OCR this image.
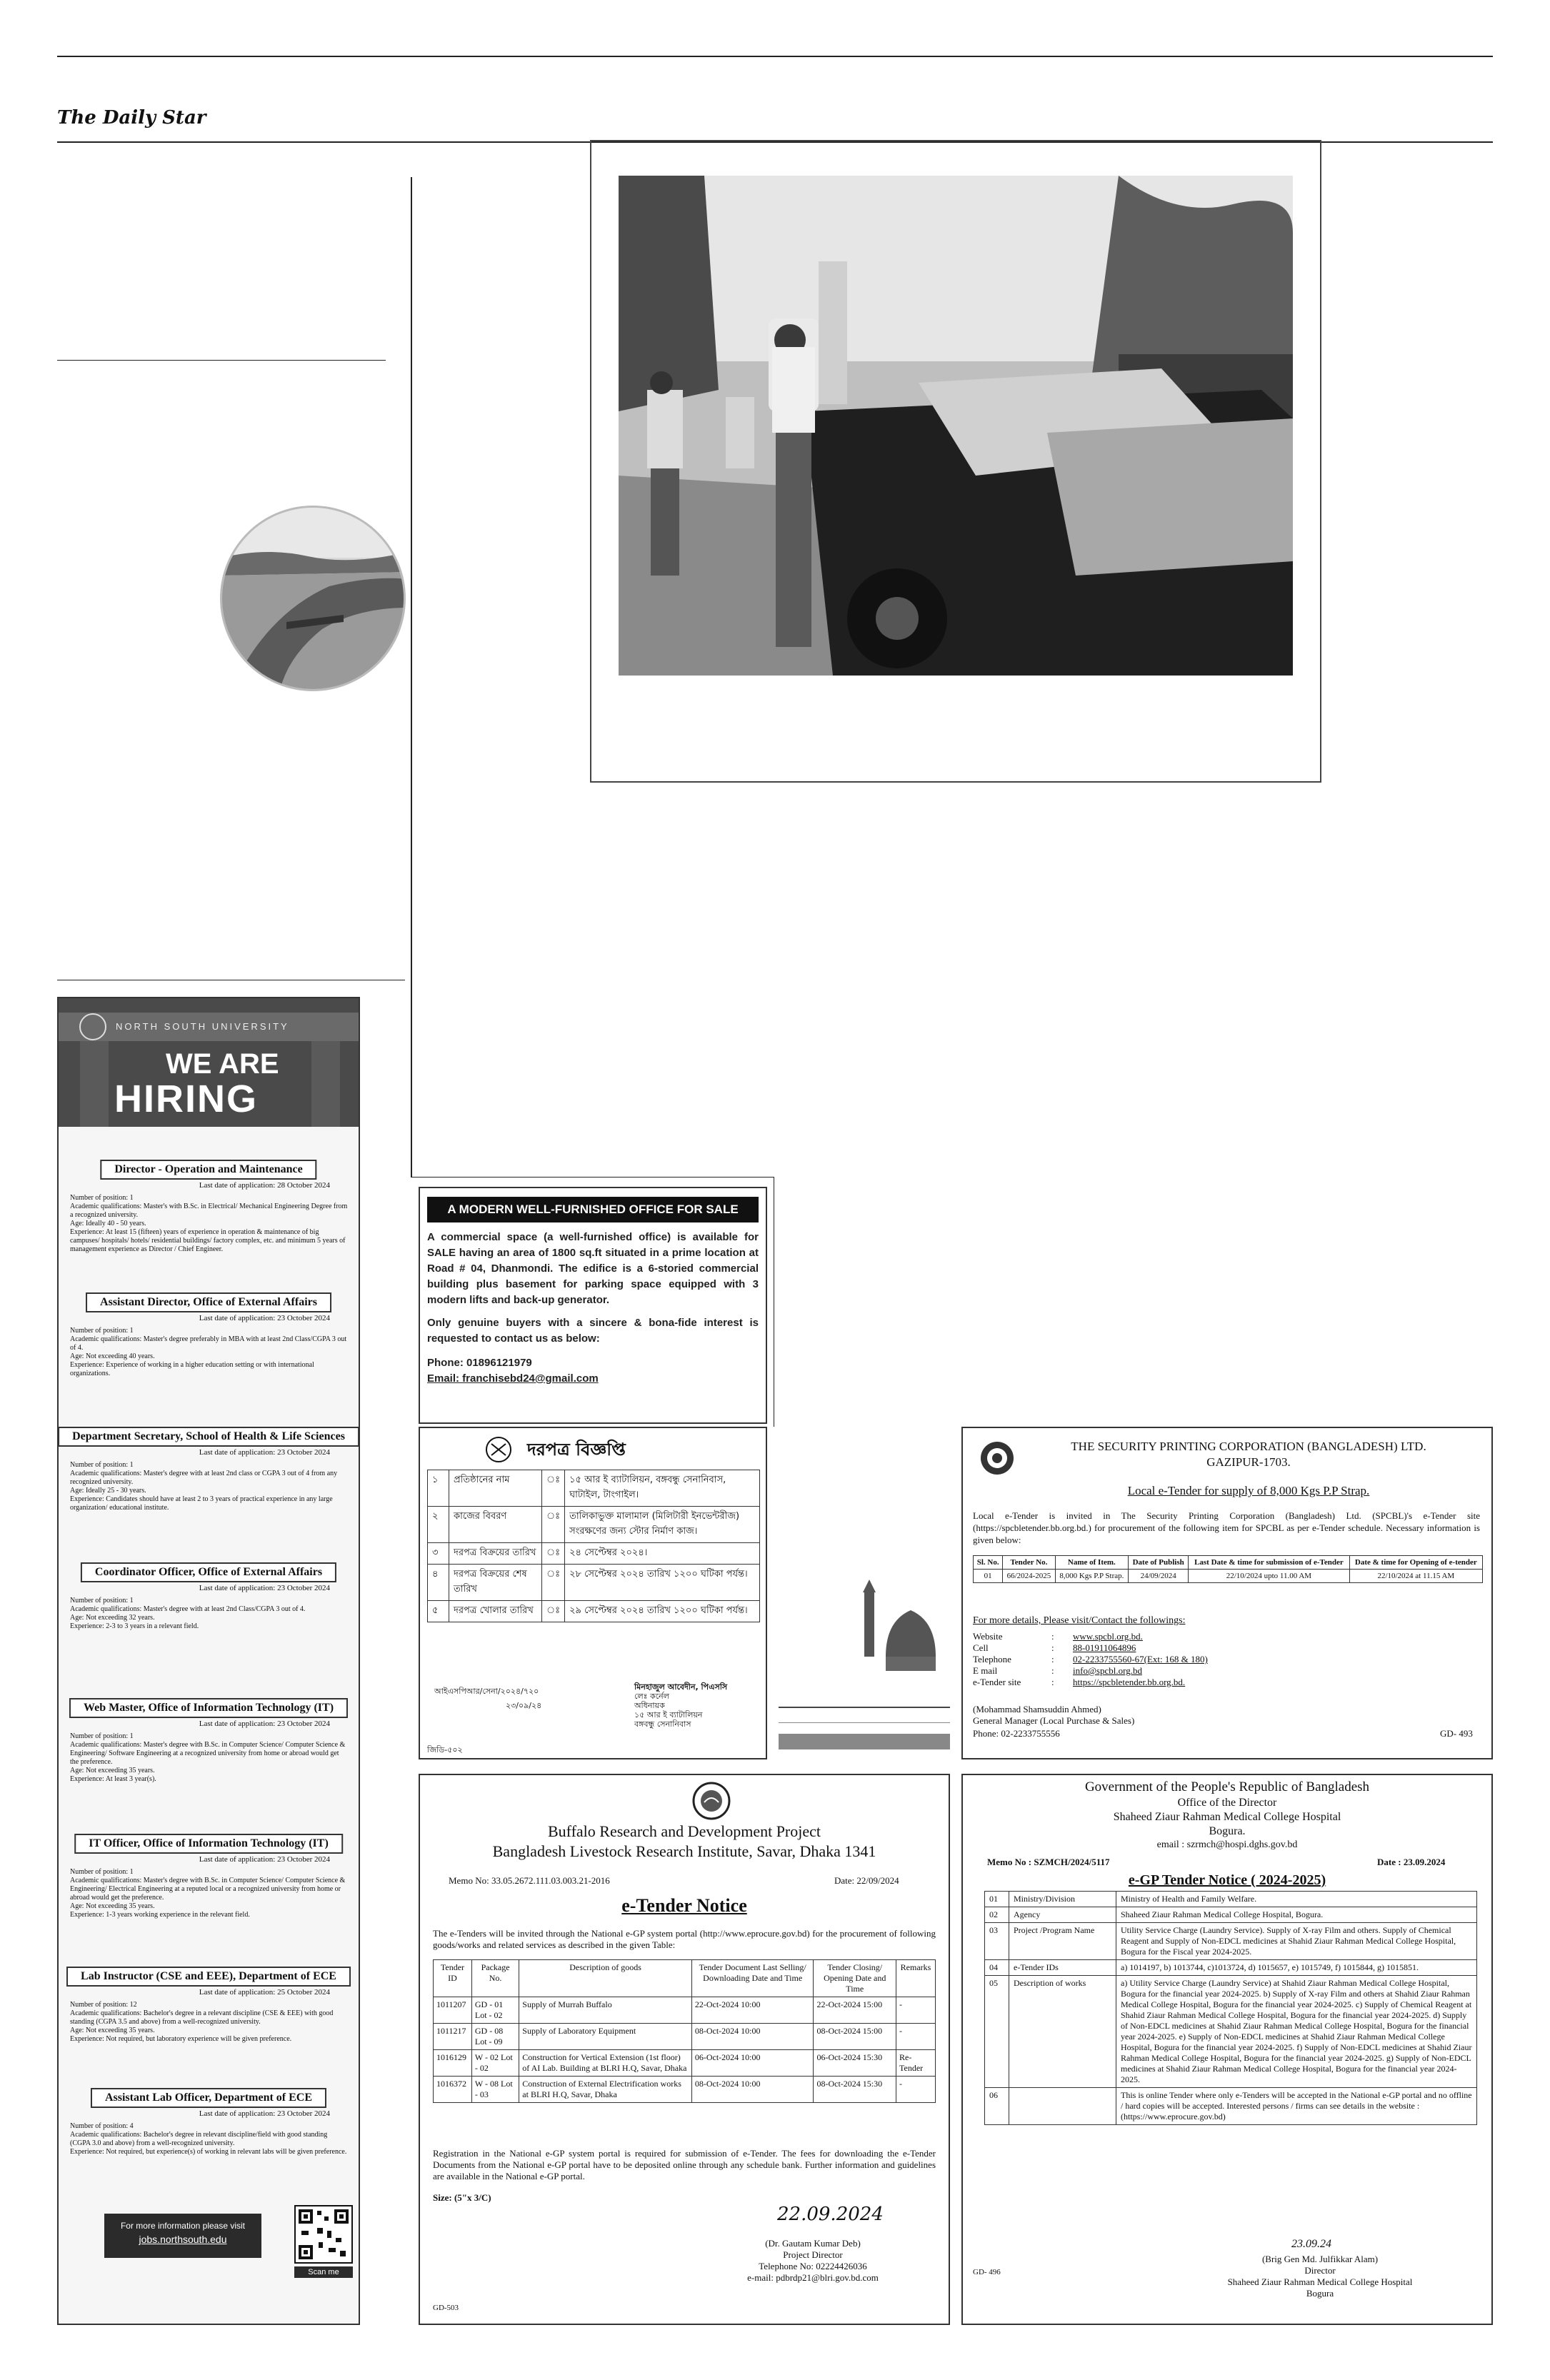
The Daily Star
NORTH SOUTH UNIVERSITY
WE ARE
HIRING
Director - Operation and Maintenance
Last date of application: 28 October 2024
Number of position: 1
Academic qualifications: Master's with B.Sc. in Electrical/ Mechanical Engineering Degree from a recognized university.
Age: Ideally 40 - 50 years.
Experience: At least 15 (fifteen) years of experience in operation & maintenance of big campuses/ hospitals/ hotels/ residential buildings/ factory complex, etc. and minimum 5 years of management experience as Director / Chief Engineer.
Assistant Director, Office of External Affairs
Last date of application: 23 October 2024
Number of position: 1
Academic qualifications: Master's degree preferably in MBA with at least 2nd Class/CGPA 3 out of 4.
Age: Not exceeding 40 years.
Experience: Experience of working in a higher education setting or with international organizations.
Department Secretary, School of Health & Life Sciences
Last date of application: 23 October 2024
Number of position: 1
Academic qualifications: Master's degree with at least 2nd class or CGPA 3 out of 4 from any recognized university.
Age: Ideally 25 - 30 years.
Experience: Candidates should have at least 2 to 3 years of practical experience in any large organization/ educational institute.
Coordinator Officer, Office of External Affairs
Last date of application: 23 October 2024
Number of position: 1
Academic qualifications: Master's degree with at least 2nd Class/CGPA 3 out of 4.
Age: Not exceeding 32 years.
Experience: 2-3 to 3 years in a relevant field.
Web Master, Office of Information Technology (IT)
Last date of application: 23 October 2024
Number of position: 1
Academic qualifications: Master's degree with B.Sc. in Computer Science/ Computer Science & Engineering/ Software Engineering at a recognized university from home or abroad would get the preference.
Age: Not exceeding 35 years.
Experience: At least 3 year(s).
IT Officer, Office of Information Technology (IT)
Last date of application: 23 October 2024
Number of position: 1
Academic qualifications: Master's degree with B.Sc. in Computer Science/ Computer Science & Engineering/ Electrical Engineering at a reputed local or a recognized university from home or abroad would get the preference.
Age: Not exceeding 35 years.
Experience: 1-3 years working experience in the relevant field.
Lab Instructor (CSE and EEE), Department of ECE
Last date of application: 25 October 2024
Number of position: 12
Academic qualifications: Bachelor's degree in a relevant discipline (CSE & EEE) with good standing (CGPA 3.5 and above) from a well-recognized university.
Age: Not exceeding 35 years.
Experience: Not required, but laboratory experience will be given preference.
Assistant Lab Officer, Department of ECE
Last date of application: 23 October 2024
Number of position: 4
Academic qualifications: Bachelor's degree in relevant discipline/field with good standing (CGPA 3.0 and above) from a well-recognized university.
Experience: Not required, but experience(s) of working in relevant labs will be given preference.
For more information please visit
jobs.northsouth.edu
Scan me
A MODERN WELL-FURNISHED OFFICE FOR SALE

A commercial space (a well-furnished office) is available for SALE having an area of 1800 sq.ft situated in a prime location at Road # 04, Dhanmondi. The edifice is a 6-storied commercial building plus basement for parking space equipped with 3 modern lifts and back-up generator.

Only genuine buyers with a sincere & bona-fide interest is requested to contact us as below:

Phone: 01896121979

Email: franchisebd24@gmail.com

দরপত্র বিজ্ঞপ্তি
১	প্রতিষ্ঠানের নাম	ঃ	১৫ আর ই ব্যাটালিয়ন, বঙ্গবন্ধু সেনানিবাস, ঘাটাইল, টাংগাইল।
২	কাজের বিবরণ	ঃ	তালিকাভুক্ত মালামাল (মিলিটারী ইনভেন্টরীজ) সংরক্ষণের জন্য স্টোর নির্মাণ কাজ।
৩	দরপত্র বিক্রয়ের তারিখ	ঃ	২৪ সেপ্টেম্বর ২০২৪।
৪	দরপত্র বিক্রয়ের শেষ তারিখ	ঃ	২৮ সেপ্টেম্বর ২০২৪ তারিখ ১২০০ ঘটিকা পর্যন্ত।
৫	দরপত্র খোলার তারিখ	ঃ	২৯ সেপ্টেম্বর ২০২৪ তারিখ ১২০০ ঘটিকা পর্যন্ত।
আইএসপিআর/সেনা/২০২৪/৭২০
২৩/০৯/২৪
মিনহাজুল আবেদীন, পিএসসি
লেঃ কর্নেল
অধিনায়ক
১৫ আর ই ব্যাটালিয়ন
বঙ্গবন্ধু সেনানিবাস
জিডি-৫০২
THE SECURITY PRINTING CORPORATION (BANGLADESH) LTD.
GAZIPUR-1703.
Local e-Tender for supply of 8,000 Kgs P.P Strap.
Local e-Tender is invited in The Security Printing Corporation (Bangladesh) Ltd. (SPCBL)'s e-Tender site (https://spcbletender.bb.org.bd.) for procurement of the following item for SPCBL as per e-Tender schedule. Necessary information is given below:
Sl. No.	Tender No.	Name of Item.	Date of Publish	Last Date & time for submission of e-Tender	Date & time for Opening of e-tender
01	66/2024-2025	8,000 Kgs P.P Strap.	24/09/2024	22/10/2024 upto 11.00 AM	22/10/2024 at 11.15 AM
For more details, Please visit/Contact the followings:
Website	: www.spcbl.org.bd.
Cell	: 88-01911064896
Telephone	: 02-2233755560-67(Ext: 168 & 180)
E mail	: info@spcbl.org.bd
e-Tender site	: https://spcbletender.bb.org.bd.
(Mohammad Shamsuddin Ahmed)
General Manager (Local Purchase & Sales)
Phone: 02-2233755556	GD- 493
Buffalo Research and Development Project
Bangladesh Livestock Research Institute, Savar, Dhaka 1341
Memo No: 33.05.2672.111.03.003.21-2016	Date: 22/09/2024
e-Tender Notice
The e-Tenders will be invited through the National e-GP system portal (http://www.eprocure.gov.bd) for the procurement of following goods/works and related services as described in the given Table:
Tender ID	Package No.	Description of goods	Tender Document Last Selling/ Downloading Date and Time	Tender Closing/ Opening Date and Time	Remarks
1011207	GD - 01 Lot - 02	Supply of Murrah Buffalo	22-Oct-2024 10:00	22-Oct-2024 15:00	-
1011217	GD - 08 Lot - 09	Supply of Laboratory Equipment	08-Oct-2024 10:00	08-Oct-2024 15:00	-
1016129	W - 02 Lot - 02	Construction for Vertical Extension (1st floor) of AI Lab. Building at BLRI H.Q, Savar, Dhaka	06-Oct-2024 10:00	06-Oct-2024 15:30	Re-Tender
1016372	W - 08 Lot - 03	Construction of External Electrification works at BLRI H.Q, Savar, Dhaka	08-Oct-2024 10:00	08-Oct-2024 15:30	-
Registration in the National e-GP system portal is required for submission of e-Tender. The fees for downloading the e-Tender Documents from the National e-GP portal have to be deposited online through any schedule bank. Further information and guidelines are available in the National e-GP portal.
Size: (5"x 3/C)
22.09.2024
(Dr. Gautam Kumar Deb)
Project Director
Telephone No: 02224426036
e-mail: pdbrdp21@blri.gov.bd.com
GD-503
Government of the People's Republic of Bangladesh
Office of the Director
Shaheed Ziaur Rahman Medical College Hospital
Bogura.
email : szrmch@hospi.dghs.gov.bd
Memo No : SZMCH/2024/5117	Date : 23.09.2024
e-GP Tender Notice ( 2024-2025)
01	Ministry/Division	Ministry of Health and Family Welfare.
02	Agency	Shaheed Ziaur Rahman Medical College Hospital, Bogura.
03	Project /Program Name	Utility Service Charge (Laundry Service). Supply of X-ray Film and others. Supply of Chemical Reagent and Supply of Non-EDCL medicines at Shahid Ziaur Rahman Medical College Hospital, Bogura for the Fiscal year 2024-2025.
04	e-Tender IDs	a) 1014197, b) 1013744, c)1013724, d) 1015657, e) 1015749, f) 1015844, g) 1015851.
05	Description of works	a) Utility Service Charge (Laundry Service) at Shahid Ziaur Rahman Medical College Hospital, Bogura for the financial year 2024-2025. b) Supply of X-ray Film and others at Shahid Ziaur Rahman Medical College Hospital, Bogura for the financial year 2024-2025. c) Supply of Chemical Reagent at Shahid Ziaur Rahman Medical College Hospital, Bogura for the financial year 2024-2025. d) Supply of Non-EDCL medicines at Shahid Ziaur Rahman Medical College Hospital, Bogura for the financial year 2024-2025. e) Supply of Non-EDCL medicines at Shahid Ziaur Rahman Medical College Hospital, Bogura for the financial year 2024-2025. f) Supply of Non-EDCL medicines at Shahid Ziaur Rahman Medical College Hospital, Bogura for the financial year 2024-2025. g) Supply of Non-EDCL medicines at Shahid Ziaur Rahman Medical College Hospital, Bogura for the financial year 2024-2025.
06		This is online Tender where only e-Tenders will be accepted in the National e-GP portal and no offline / hard copies will be accepted. Interested persons / firms can see details in the website : (https://www.eprocure.gov.bd)
23.09.24
(Brig Gen Md. Julfikkar Alam)
Director
Shaheed Ziaur Rahman Medical College Hospital
Bogura
GD- 496
